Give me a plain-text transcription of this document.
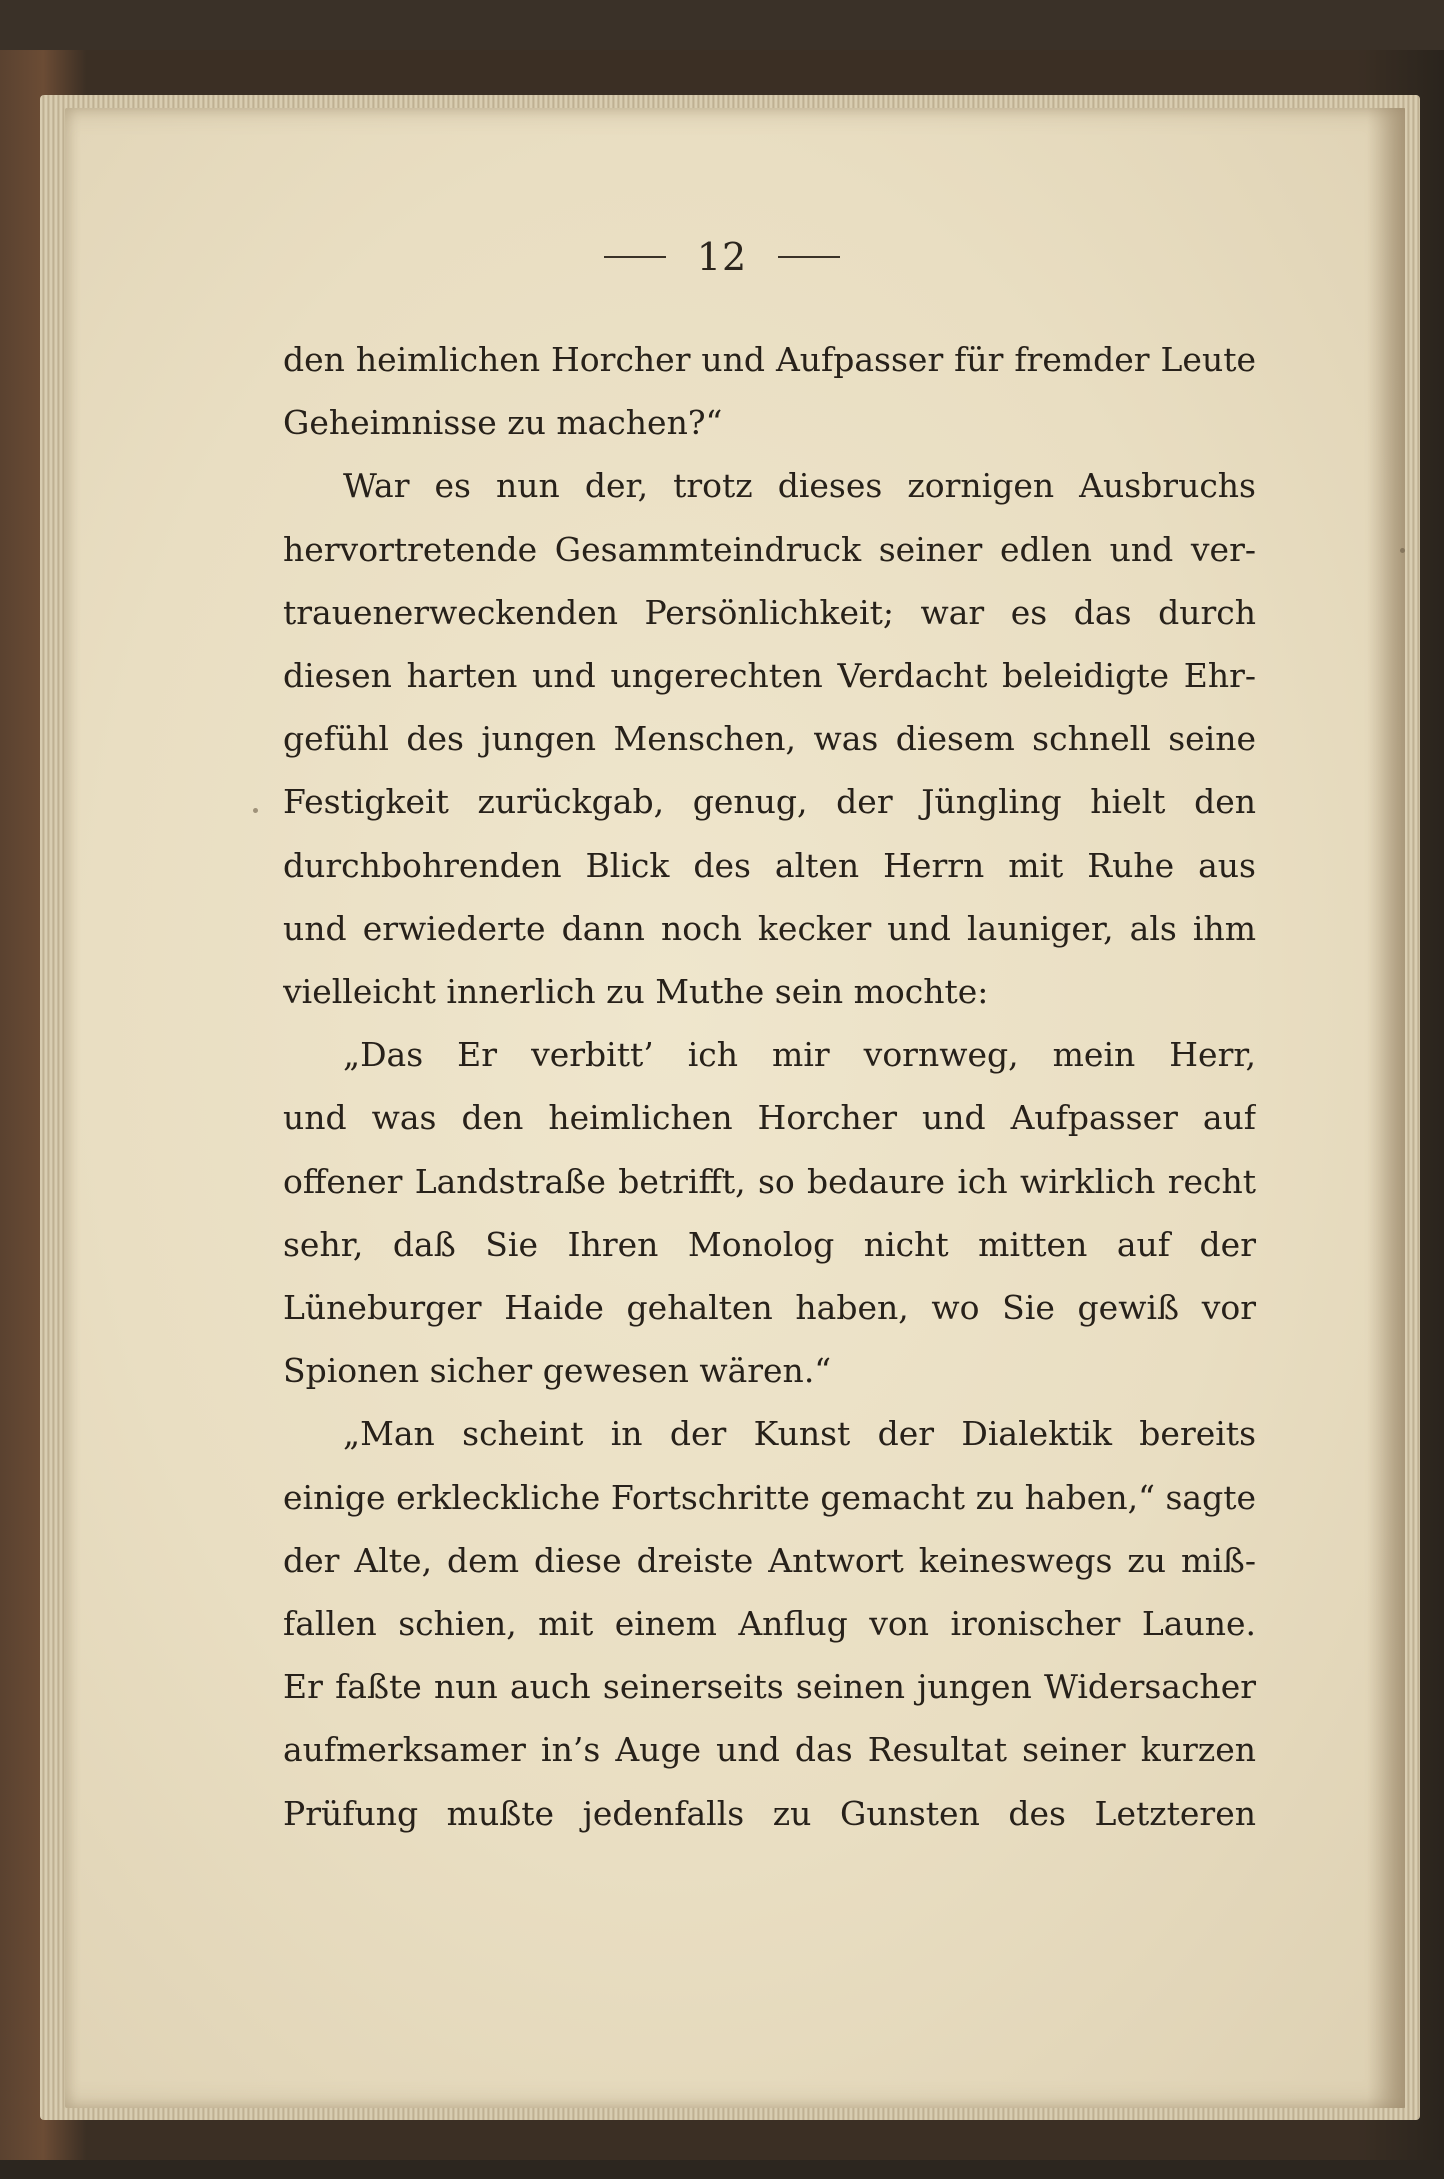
12
den heimlichen Horcher und Aufpasser für fremder Leute
Geheimnisse zu machen?“
War es nun der, trotz dieses zornigen Ausbruchs
hervortretende Gesammteindruck seiner edlen und ver-
trauenerweckenden Persönlichkeit; war es das durch
diesen harten und ungerechten Verdacht beleidigte Ehr-
gefühl des jungen Menschen, was diesem schnell seine
Festigkeit zurückgab, genug, der Jüngling hielt den
durchbohrenden Blick des alten Herrn mit Ruhe aus
und erwiederte dann noch kecker und launiger, als ihm
vielleicht innerlich zu Muthe sein mochte:
„Das Er verbitt’ ich mir vornweg, mein Herr,
und was den heimlichen Horcher und Aufpasser auf
offener Landstraße betrifft, so bedaure ich wirklich recht
sehr, daß Sie Ihren Monolog nicht mitten auf der
Lüneburger Haide gehalten haben, wo Sie gewiß vor
Spionen sicher gewesen wären.“
„Man scheint in der Kunst der Dialektik bereits
einige erkleckliche Fortschritte gemacht zu haben,“ sagte
der Alte, dem diese dreiste Antwort keineswegs zu miß-
fallen schien, mit einem Anflug von ironischer Laune.
Er faßte nun auch seinerseits seinen jungen Widersacher
aufmerksamer in’s Auge und das Resultat seiner kurzen
Prüfung mußte jedenfalls zu Gunsten des Letzteren
